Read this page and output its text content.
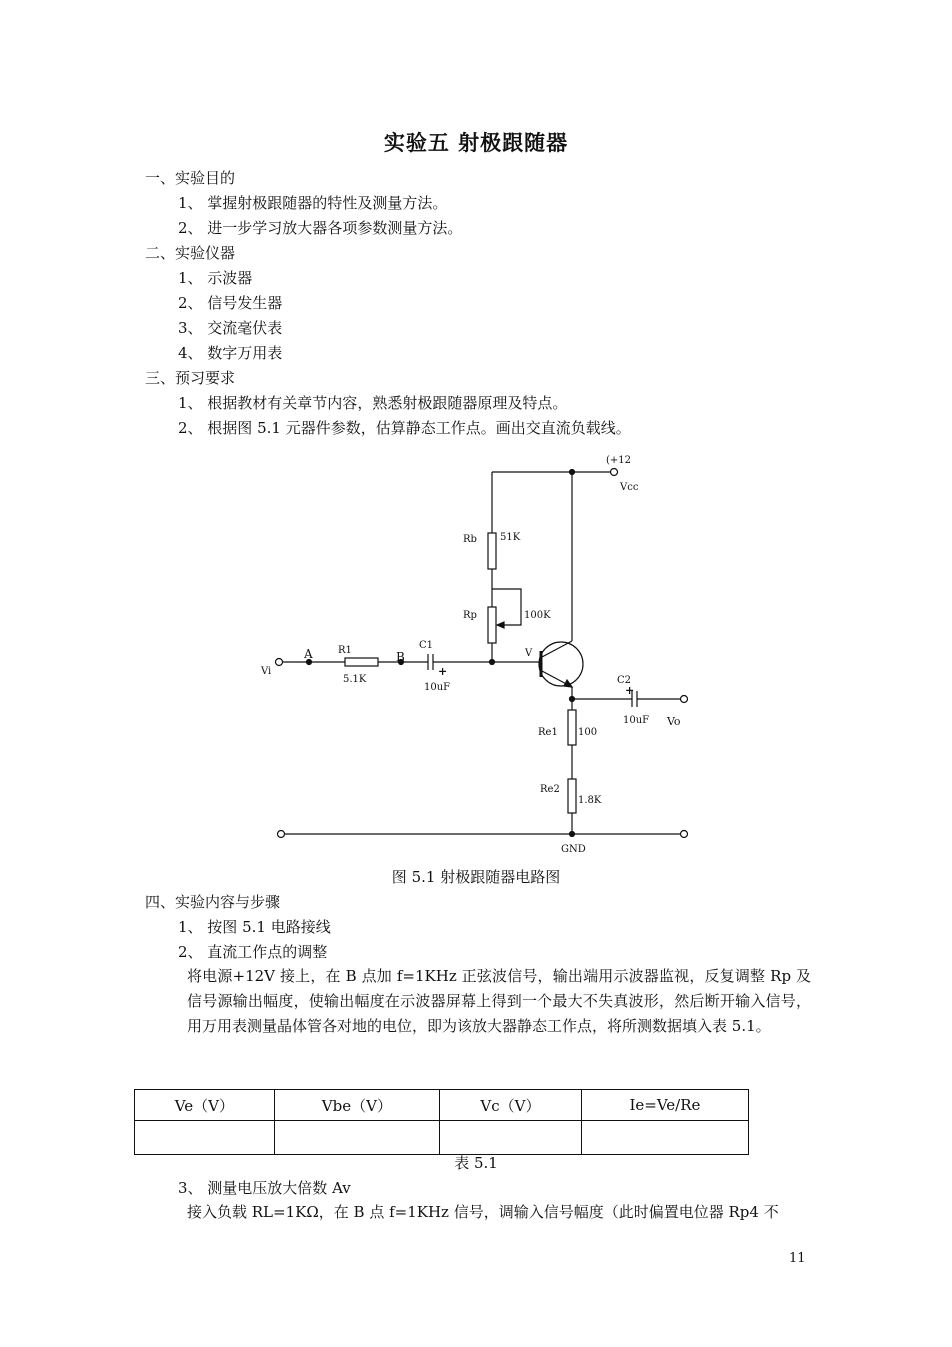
实验五 射极跟随器
一、实验目的
1、 掌握射极跟随器的特性及测量方法。
2、 进一步学习放大器各项参数测量方法。
二、实验仪器
1、 示波器
2、 信号发生器
3、 交流毫伏表
4、 数字万用表
三、预习要求
1、 根据教材有关章节内容，熟悉射极跟随器原理及特点。
2、 根据图 5.1 元器件参数，估算静态工作点。画出交直流负载线。
(+12
Vcc
Rb 51K
Rp	100K
A	B
R1
5.1K
C1
10uF
+
Vi
V
C2
+
10uF Vo
Re1 100
Re2
1.8K
GND
图 5.1 射极跟随器电路图
四、实验内容与步骤
1、 按图 5.1 电路接线
2、 直流工作点的调整
将电源+12V 接上，在 B 点加 f=1KHz 正弦波信号，输出端用示波器监视，反复调整 Rp 及信号源输出幅度，使输出幅度在示波器屏幕上得到一个最大不失真波形，然后断开输入信号，用万用表测量晶体管各对地的电位，即为该放大器静态工作点，将所测数据填入表 5.1。
Ve（V）	Vbe（V）	Vc（V）	Ie=Ve/Re

表 5.1
3、 测量电压放大倍数 Av
接入负载 RL=1KΩ，在 B 点 f=1KHz 信号，调输入信号幅度（此时偏置电位器 Rp4 不
11
